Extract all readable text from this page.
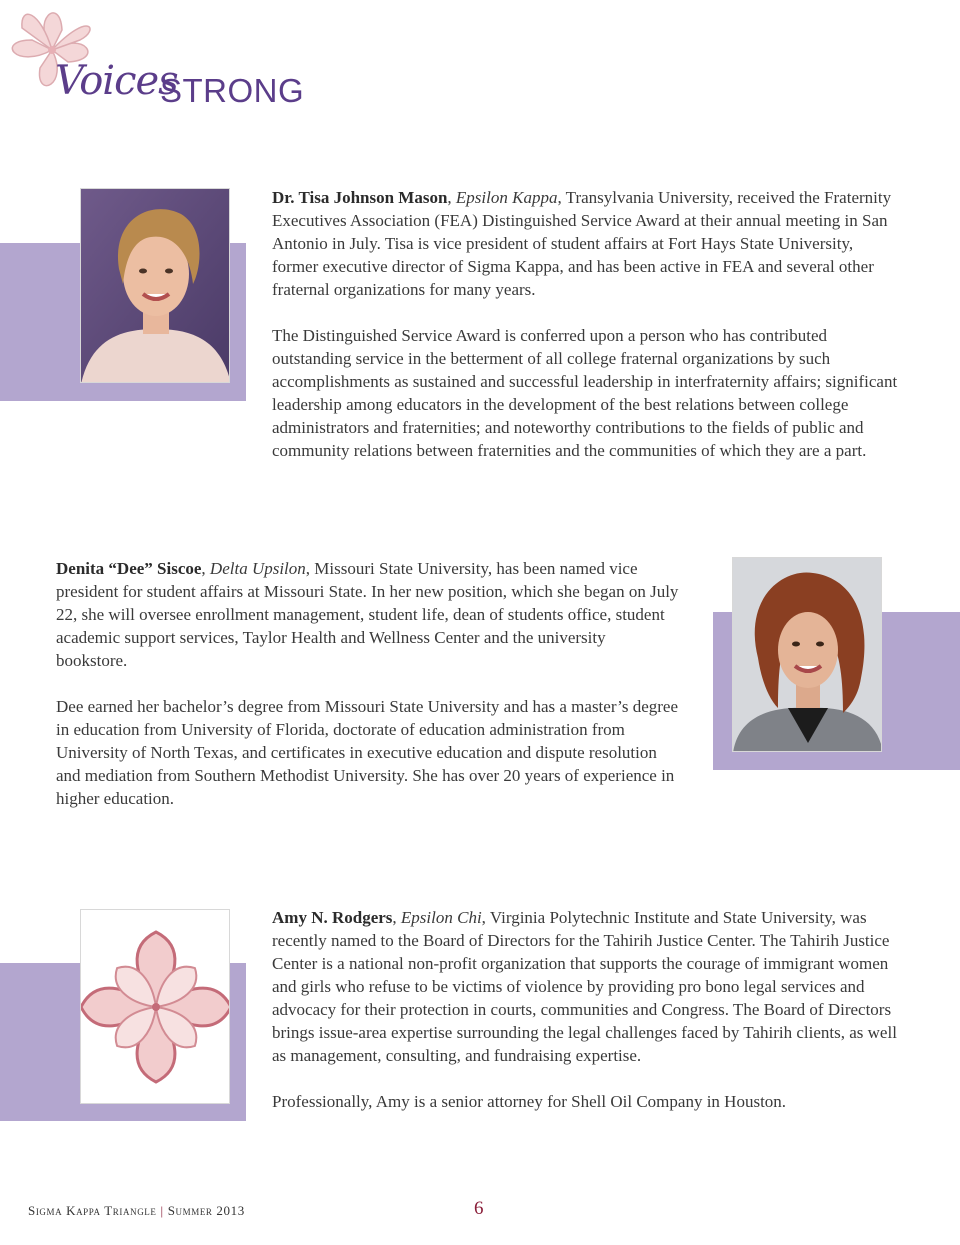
Voices
STRONG

Dr. Tisa Johnson Mason, Epsilon Kappa, Transylvania University, received the Fraternity Executives Association (FEA) Distinguished Service Award at their annual meeting in San Antonio in July. Tisa is vice president of student affairs at Fort Hays State University, former executive director of Sigma Kappa, and has been active in FEA and several other fraternal organizations for many years.

The Distinguished Service Award is conferred upon a person who has contributed outstanding service in the betterment of all college fraternal organizations by such accomplishments as sustained and successful leadership in interfraternity affairs; significant leadership among educators in the development of the best relations between college administrators and fraternities; and noteworthy contributions to the fields of public and community relations between fraternities and the communities of which they are a part.

Denita “Dee” Siscoe, Delta Upsilon, Missouri State University, has been named vice president for student affairs at Missouri State. In her new position, which she began on July 22, she will oversee enrollment management, student life, dean of students office, student academic support services, Taylor Health and Wellness Center and the university bookstore.

Dee earned her bachelor’s degree from Missouri State University and has a master’s degree in education from University of Florida, doctorate of education administration from University of North Texas, and certificates in executive education and dispute resolution and mediation from Southern Methodist University. She has over 20 years of experience in higher education.

Amy N. Rodgers, Epsilon Chi, Virginia Polytechnic Institute and State University, was recently named to the Board of Directors for the Tahirih Justice Center. The Tahirih Justice Center is a national non-profit organization that supports the courage of immigrant women and girls who refuse to be victims of violence by providing pro bono legal services and advocacy for their protection in courts, communities and Congress. The Board of Directors brings issue-area expertise surrounding the legal challenges faced by Tahirih clients, as well as management, consulting, and fundraising expertise.

Professionally, Amy is a senior attorney for Shell Oil Company in Houston.

Sigma Kappa Triangle | Summer 2013	6
